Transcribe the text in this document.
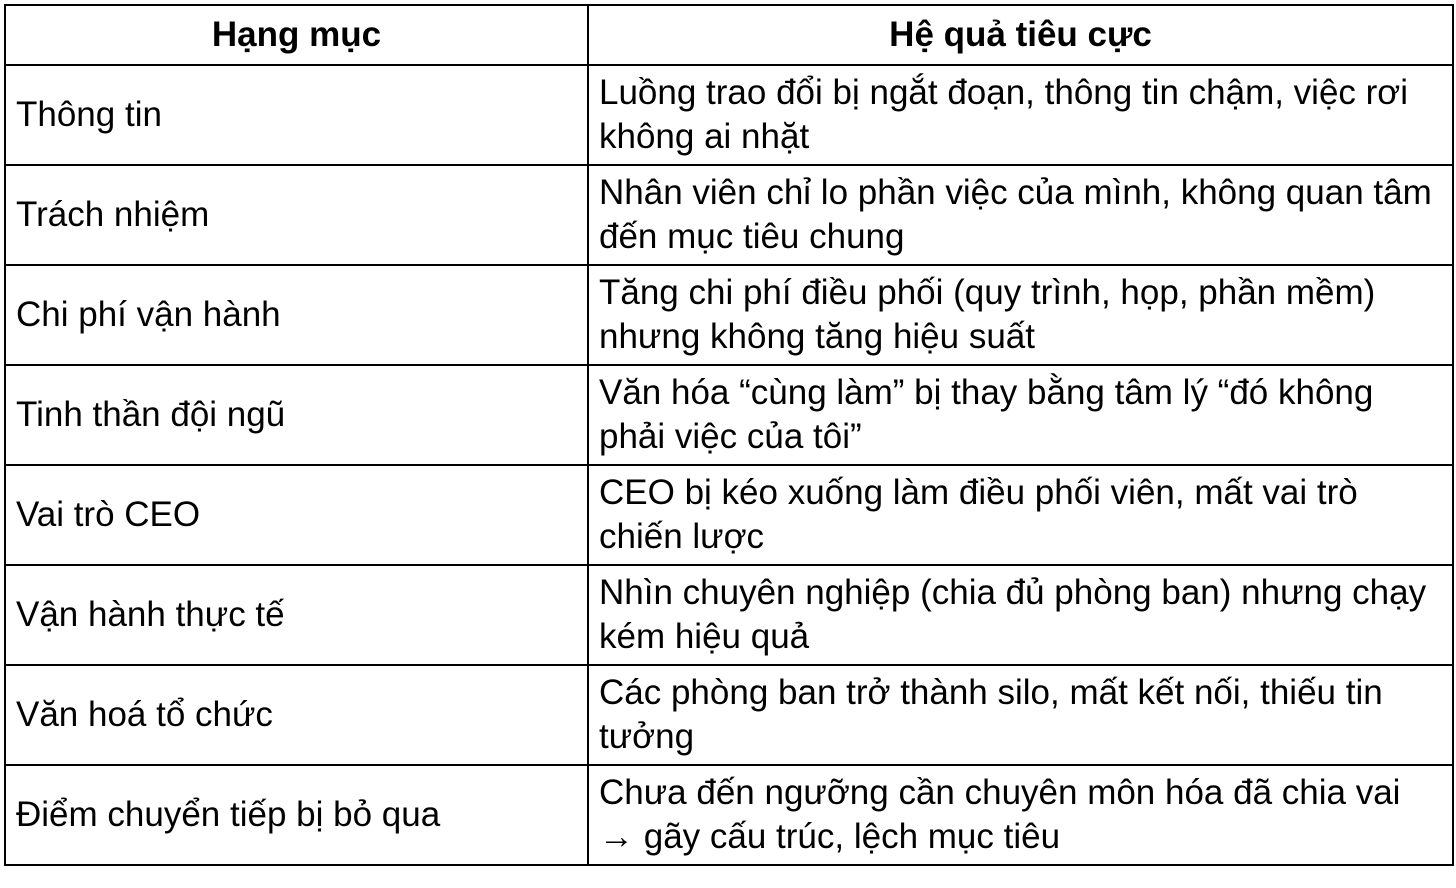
Hạng mục	Hệ quả tiêu cực
Thông tin	Luồng trao đổi bị ngắt đoạn, thông tin chậm, việc rơi không ai nhặt
Trách nhiệm	Nhân viên chỉ lo phần việc của mình, không quan tâm đến mục tiêu chung
Chi phí vận hành	Tăng chi phí điều phối (quy trình, họp, phần mềm) nhưng không tăng hiệu suất
Tinh thần đội ngũ	Văn hóa “cùng làm” bị thay bằng tâm lý “đó không phải việc của tôi”
Vai trò CEO	CEO bị kéo xuống làm điều phối viên, mất vai trò chiến lược
Vận hành thực tế	Nhìn chuyên nghiệp (chia đủ phòng ban) nhưng chạy kém hiệu quả
Văn hoá tổ chức	Các phòng ban trở thành silo, mất kết nối, thiếu tin tưởng
Điểm chuyển tiếp bị bỏ qua	Chưa đến ngưỡng cần chuyên môn hóa đã chia vai → gãy cấu trúc, lệch mục tiêu
